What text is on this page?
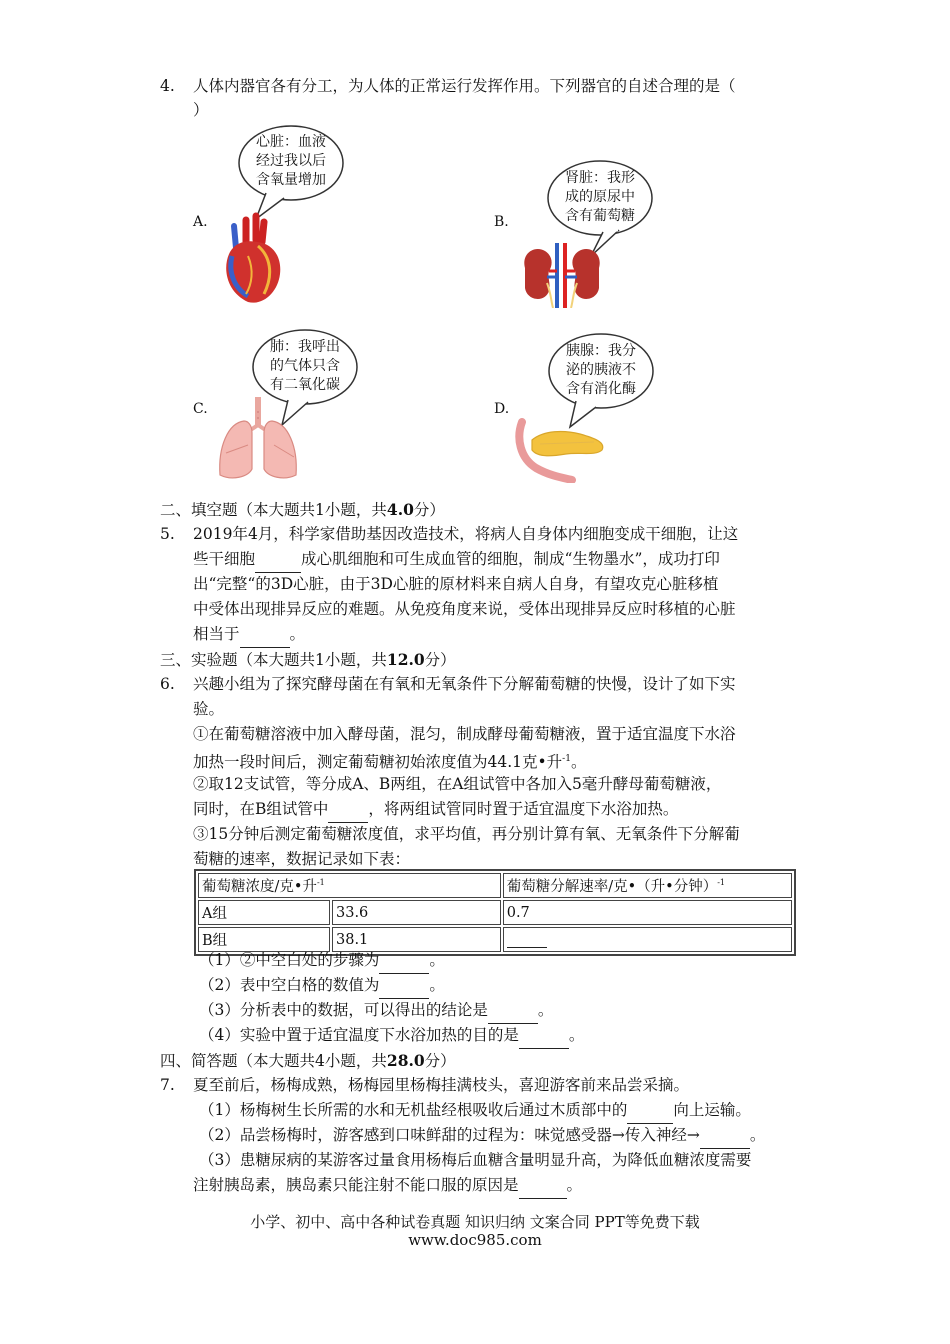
4. 人体内器官各有分工，为人体的正常运行发挥作用。下列器官的自述合理的是（
）
A.
心脏：血液
经过我以后
含氧量增加
B.
肾脏：我形
成的原尿中
含有葡萄糖
C.
肺：我呼出
的气体只含
有二氧化碳
D.
胰腺：我分
泌的胰液不
含有消化酶
二、填空题（本大题共1小题，共4.0分）
5. 2019年4月，科学家借助基因改造技术，将病人自身体内细胞变成干细胞，让这
些干细胞	成心肌细胞和可生成血管的细胞，制成“生物墨水”，成功打印
出“完整“的3D心脏，由于3D心脏的原材料来自病人自身，有望攻克心脏移植
中受体出现排异反应的难题。从免疫角度来说，受体出现排异反应时移植的心脏
相当于	。
三、实验题（本大题共1小题，共12.0分）
6. 兴趣小组为了探究酵母菌在有氧和无氧条件下分解葡萄糖的快慢，设计了如下实
验。
①在葡萄糖溶液中加入酵母菌，混匀，制成酵母葡萄糖液，置于适宜温度下水浴
加热一段时间后，测定葡萄糖初始浓度值为44.1克•升$^{-1}$。
②取12支试管，等分成A、B两组，在A组试管中各加入5毫升酵母葡萄糖液，
同时，在B组试管中	，将两组试管同时置于适宜温度下水浴加热。
③15分钟后测定葡萄糖浓度值，求平均值，再分别计算有氧、无氧条件下分解葡
萄糖的速率，数据记录如下表：
葡萄糖浓度/克•升$^{-1}$		葡萄糖分解速率/克•（升•分钟）$^{-1}$
A组	33.6	0.7
B组	38.1	
（1）②中空白处的步骤为	。
（2）表中空白格的数值为	。
（3）分析表中的数据，可以得出的结论是	。
（4）实验中置于适宜温度下水浴加热的目的是	。
四、简答题（本大题共4小题，共28.0分）
7. 夏至前后，杨梅成熟，杨梅园里杨梅挂满枝头，喜迎游客前来品尝采摘。
（1）杨梅树生长所需的水和无机盐经根吸收后通过木质部中的	向上运输。
（2）品尝杨梅时，游客感到口味鲜甜的过程为：味觉感受器→传入神经→	。
（3）患糖尿病的某游客过量食用杨梅后血糖含量明显升高，为降低血糖浓度需要
注射胰岛素，胰岛素只能注射不能口服的原因是	。
小学、初中、高中各种试卷真题 知识归纳 文案合同 PPT等免费下载
www.doc985.com
